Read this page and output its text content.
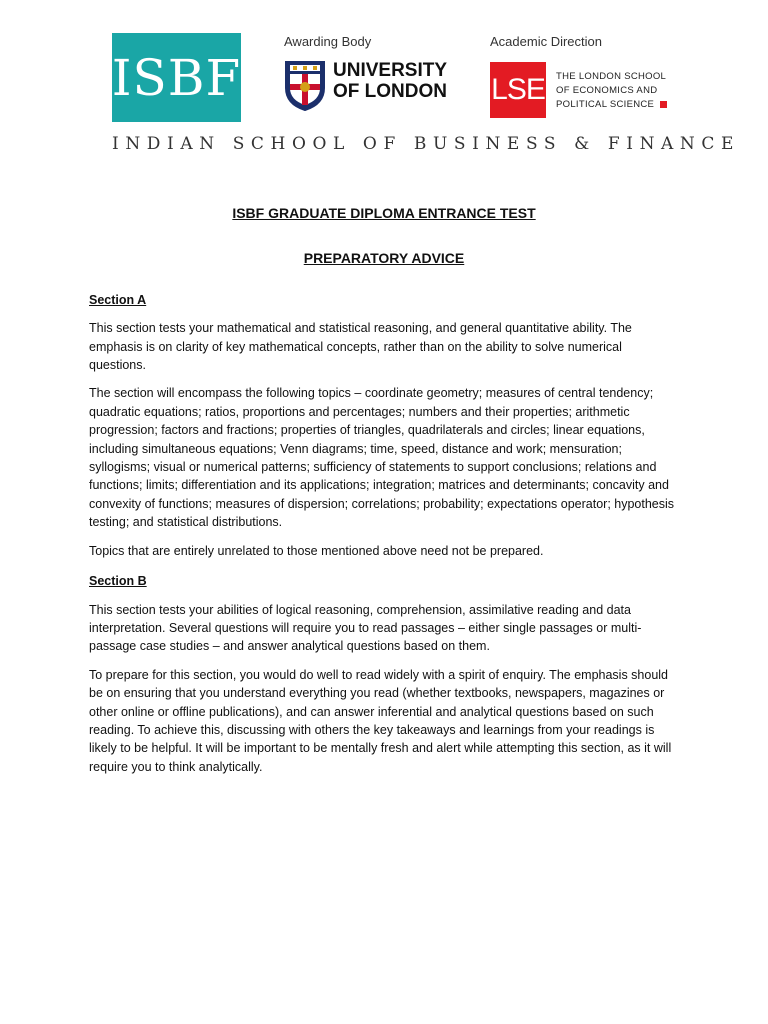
ISBF
Awarding Body
UNIVERSITY
OF LONDON
Academic Direction
LSE THE LONDON SCHOOL
OF ECONOMICS AND
POLITICAL SCIENCE
INDIAN SCHOOL OF BUSINESS & FINANCE

ISBF GRADUATE DIPLOMA ENTRANCE TEST

PREPARATORY ADVICE

Section A

This section tests your mathematical and statistical reasoning, and general quantitative ability. The emphasis is on clarity of key mathematical concepts, rather than on the ability to solve numerical questions.

The section will encompass the following topics – coordinate geometry; measures of central tendency; quadratic equations; ratios, proportions and percentages; numbers and their properties; arithmetic progression; factors and fractions; properties of triangles, quadrilaterals and circles; linear equations, including simultaneous equations; Venn diagrams; time, speed, distance and work; mensuration; syllogisms; visual or numerical patterns; sufficiency of statements to support conclusions; relations and functions; limits; differentiation and its applications; integration; matrices and determinants; concavity and convexity of functions; measures of dispersion; correlations; probability; expectations operator; hypothesis testing; and statistical distributions.

Topics that are entirely unrelated to those mentioned above need not be prepared.

Section B

This section tests your abilities of logical reasoning, comprehension, assimilative reading and data interpretation. Several questions will require you to read passages – either single passages or multi-passage case studies – and answer analytical questions based on them.

To prepare for this section, you would do well to read widely with a spirit of enquiry. The emphasis should be on ensuring that you understand everything you read (whether textbooks, newspapers, magazines or other online or offline publications), and can answer inferential and analytical questions based on such reading. To achieve this, discussing with others the key takeaways and learnings from your readings is likely to be helpful. It will be important to be mentally fresh and alert while attempting this section, as it will require you to think analytically.
